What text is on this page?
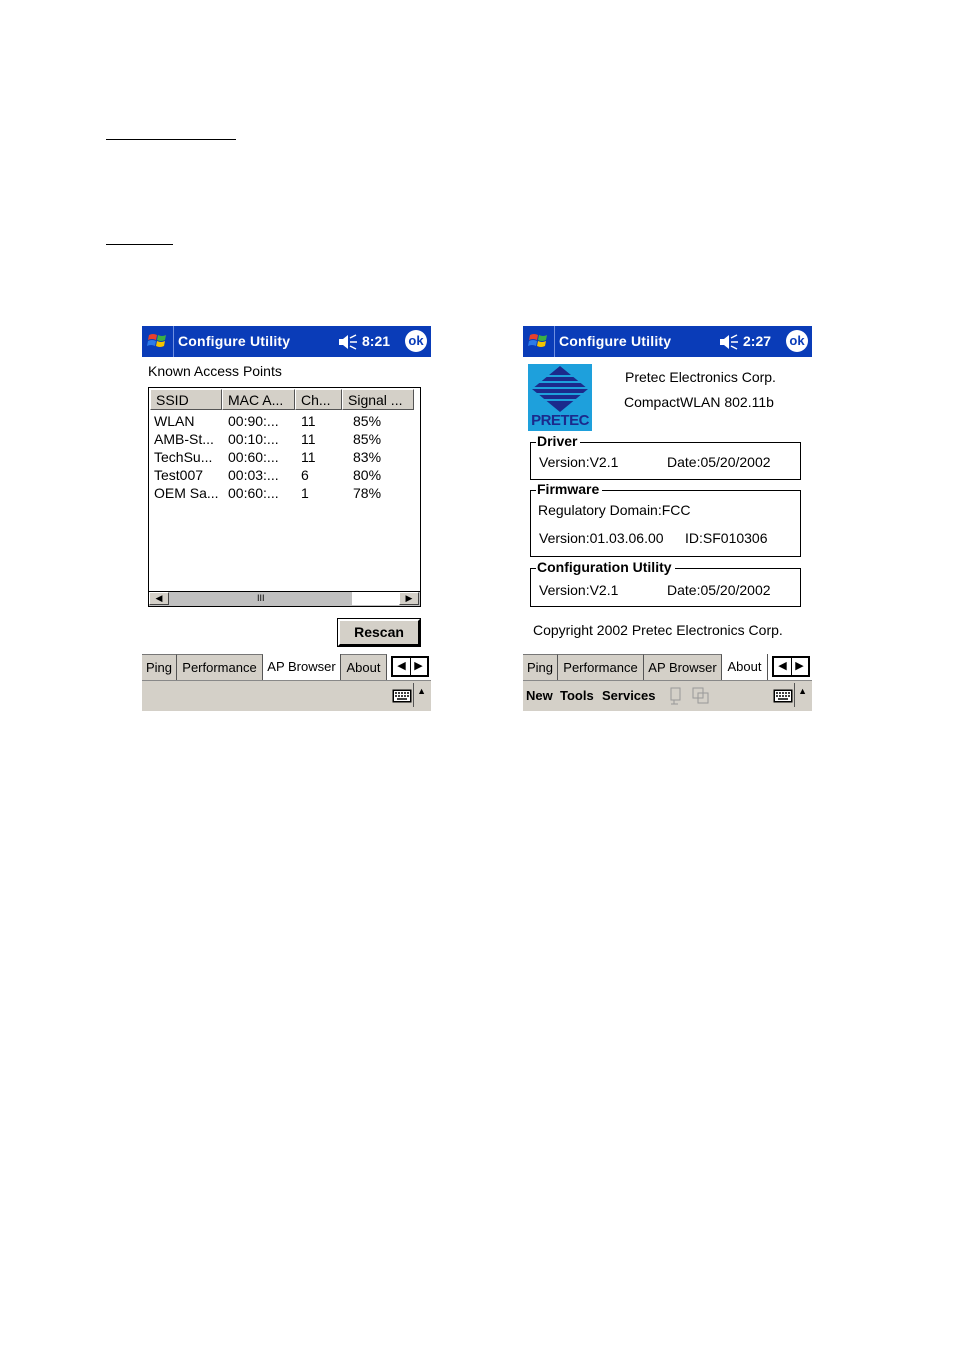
Configure Utility	8:21 ok
Known Access Points
SSID	MAC A...	Ch...	Signal ...
WLAN 00:90:... 11	85%
AMB-St... 00:10:... 11	85%
TechSu... 00:60:... 11	83%
Test007 00:03:... 6	80%
OEM Sa... 00:60:... 1	78%
◀	III	▶
Rescan
Ping Performance AP Browser About	◀ ▶
▲
Configure Utility	2:27 ok
PRETEC
Pretec Electronics Corp.
CompactWLAN 802.11b
Driver
Version:V2.1	Date:05/20/2002
Firmware
Regulatory Domain:FCC
Version:01.03.06.00 ID:SF010306
Configuration Utility
Version:V2.1	Date:05/20/2002
Copyright 2002 Pretec Electronics Corp.
Ping Performance AP Browser About	◀ ▶
New Tools Services	▲
